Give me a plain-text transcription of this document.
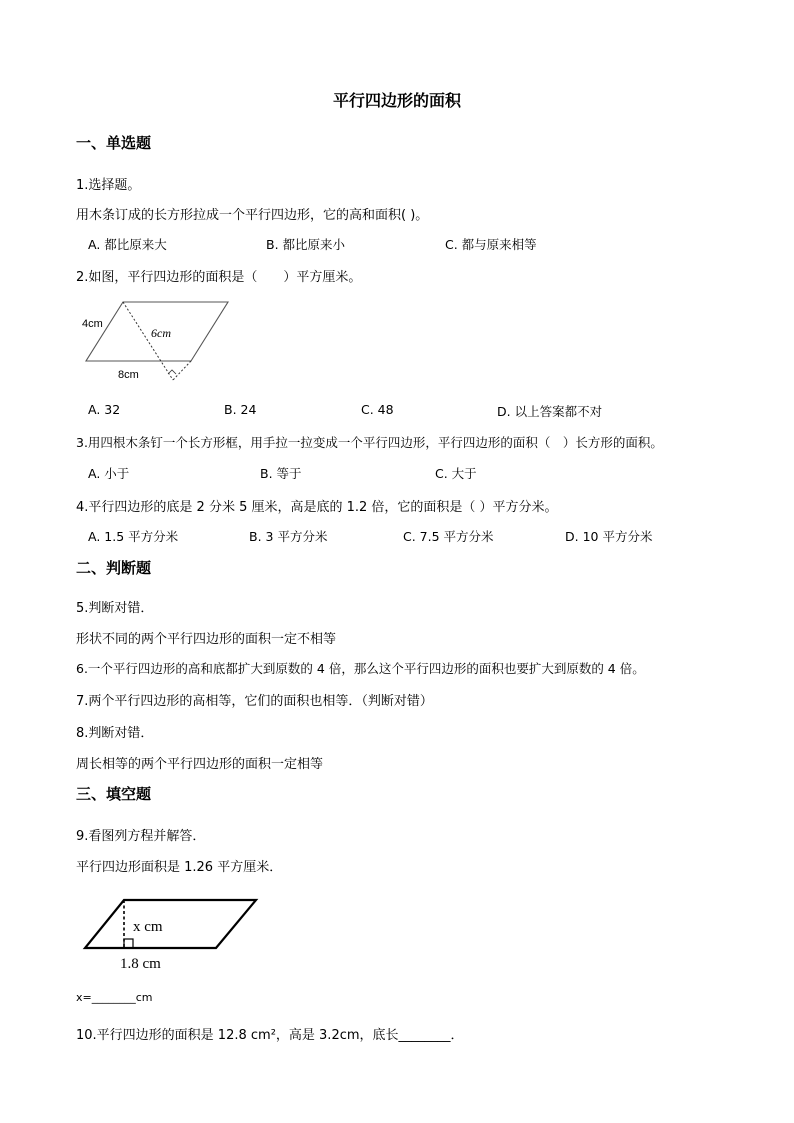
平行四边形的面积
一、单选题
1.选择题。
用木条订成的长方形拉成一个平行四边形，它的高和面积( )。
A. 都比原来大	B. 都比原来小	C. 都与原来相等
2.如图，平行四边形的面积是（　　）平方厘米。
4cm
6cm
8cm
A. 32	B. 24	C. 48	D. 以上答案都不对
3.用四根木条钉一个长方形框，用手拉一拉变成一个平行四边形，平行四边形的面积（　）长方形的面积。
A. 小于	B. 等于	C. 大于
4.平行四边形的底是 2 分米 5 厘米，高是底的 1.2 倍，它的面积是（ ）平方分米。
A. 1.5 平方分米	B. 3 平方分米	C. 7.5 平方分米	D. 10 平方分米
二、判断题
5.判断对错．
形状不同的两个平行四边形的面积一定不相等
6.一个平行四边形的高和底都扩大到原数的 4 倍，那么这个平行四边形的面积也要扩大到原数的 4 倍。
7.两个平行四边形的高相等，它们的面积也相等．（判断对错）
8.判断对错．
周长相等的两个平行四边形的面积一定相等
三、填空题
9.看图列方程并解答．
平行四边形面积是 1.26 平方厘米．
x cm
1.8 cm
x=________cm
10.平行四边形的面积是 12.8 cm²，高是 3.2cm，底长________．
